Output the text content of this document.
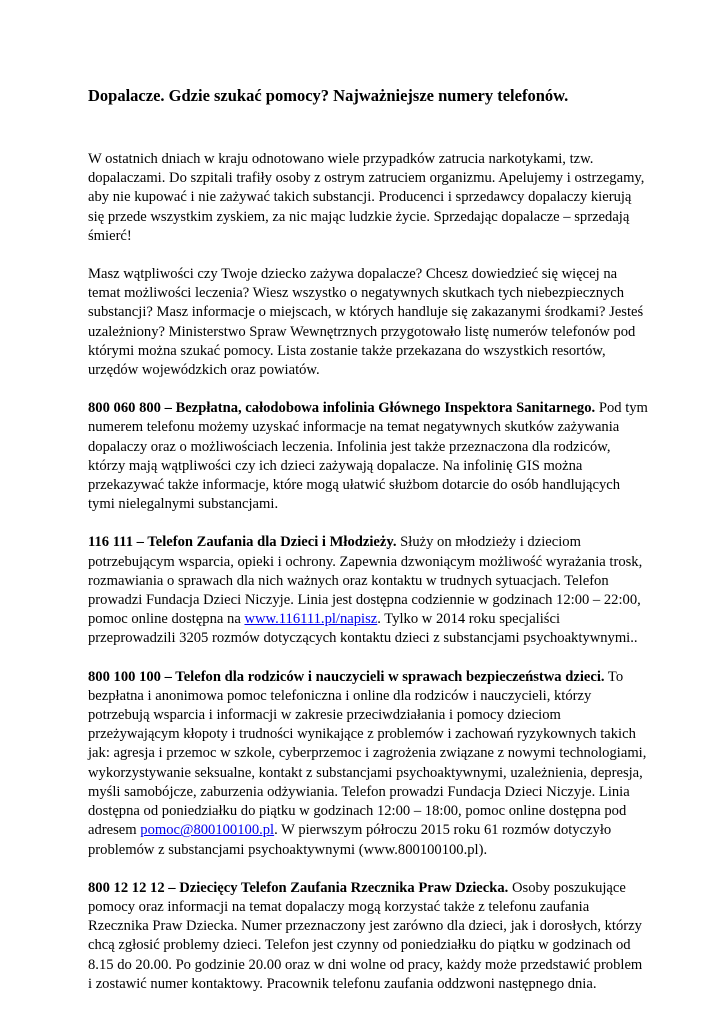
Dopalacze. Gdzie szukać pomocy? Najważniejsze numery telefonów.

W ostatnich dniach w kraju odnotowano wiele przypadków zatrucia narkotykami, tzw. dopalaczami. Do szpitali trafiły osoby z ostrym zatruciem organizmu. Apelujemy i ostrzegamy, aby nie kupować i nie zażywać takich substancji. Producenci i sprzedawcy dopalaczy kierują się przede wszystkim zyskiem, za nic mając ludzkie życie. Sprzedając dopalacze – sprzedają śmierć!

Masz wątpliwości czy Twoje dziecko zażywa dopalacze? Chcesz dowiedzieć się więcej na temat możliwości leczenia? Wiesz wszystko o negatywnych skutkach tych niebezpiecznych substancji? Masz informacje o miejscach, w których handluje się zakazanymi środkami? Jesteś uzależniony? Ministerstwo Spraw Wewnętrznych przygotowało listę numerów telefonów pod którymi można szukać pomocy. Lista zostanie także przekazana do wszystkich resortów, urzędów wojewódzkich oraz powiatów.

800 060 800 – Bezpłatna, całodobowa infolinia Głównego Inspektora Sanitarnego. Pod tym numerem telefonu możemy uzyskać informacje na temat negatywnych skutków zażywania dopalaczy oraz o możliwościach leczenia. Infolinia jest także przeznaczona dla rodziców, którzy mają wątpliwości czy ich dzieci zażywają dopalacze. Na infolinię GIS można przekazywać także informacje, które mogą ułatwić służbom dotarcie do osób handlujących tymi nielegalnymi substancjami.

116 111 – Telefon Zaufania dla Dzieci i Młodzieży. Służy on młodzieży i dzieciom potrzebującym wsparcia, opieki i ochrony. Zapewnia dzwoniącym możliwość wyrażania trosk, rozmawiania o sprawach dla nich ważnych oraz kontaktu w trudnych sytuacjach. Telefon prowadzi Fundacja Dzieci Niczyje. Linia jest dostępna codziennie w godzinach 12:00 – 22:00, pomoc online dostępna na www.116111.pl/napisz. Tylko w 2014 roku specjaliści przeprowadzili 3205 rozmów dotyczących kontaktu dzieci z substancjami psychoaktywnymi..

800 100 100 – Telefon dla rodziców i nauczycieli w sprawach bezpieczeństwa dzieci. To bezpłatna i anonimowa pomoc telefoniczna i online dla rodziców i nauczycieli, którzy potrzebują wsparcia i informacji w zakresie przeciwdziałania i pomocy dzieciom przeżywającym kłopoty i trudności wynikające z problemów i zachowań ryzykownych takich jak: agresja i przemoc w szkole, cyberprzemoc i zagrożenia związane z nowymi technologiami, wykorzystywanie seksualne, kontakt z substancjami psychoaktywnymi, uzależnienia, depresja, myśli samobójcze, zaburzenia odżywiania. Telefon prowadzi Fundacja Dzieci Niczyje. Linia dostępna od poniedziałku do piątku w godzinach 12:00 – 18:00, pomoc online dostępna pod adresem pomoc@800100100.pl. W pierwszym półroczu 2015 roku 61 rozmów dotyczyło problemów z substancjami psychoaktywnymi (www.800100100.pl).

800 12 12 12 – Dziecięcy Telefon Zaufania Rzecznika Praw Dziecka. Osoby poszukujące pomocy oraz informacji na temat dopalaczy mogą korzystać także z telefonu zaufania Rzecznika Praw Dziecka. Numer przeznaczony jest zarówno dla dzieci, jak i dorosłych, którzy chcą zgłosić problemy dzieci. Telefon jest czynny od poniedziałku do piątku w godzinach od 8.15 do 20.00. Po godzinie 20.00 oraz w dni wolne od pracy, każdy może przedstawić problem i zostawić numer kontaktowy. Pracownik telefonu zaufania oddzwoni następnego dnia.
